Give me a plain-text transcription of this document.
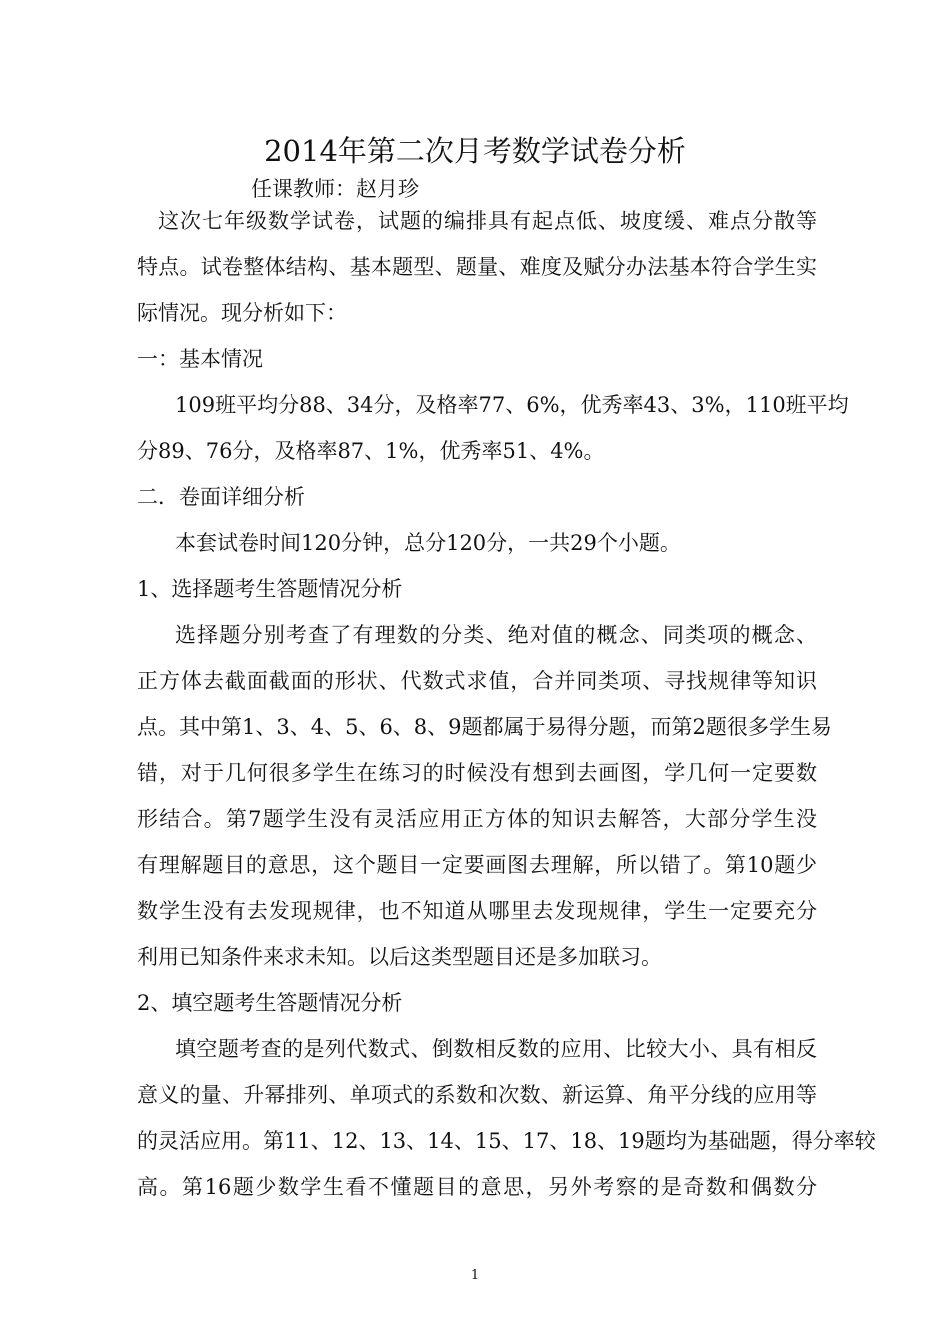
2014年第二次月考数学试卷分析
任课教师：赵月珍
这次七年级数学试卷，试题的编排具有起点低、坡度缓、难点分散等
特点。试卷整体结构、基本题型、题量、难度及赋分办法基本符合学生实
际情况。现分析如下：
一：基本情况
109班平均分88、34分，及格率77、6%，优秀率43、3%，110班平均
分89、76分，及格率87、1%，优秀率51、4%。
二．卷面详细分析
本套试卷时间120分钟，总分120分，一共29个小题。
1、选择题考生答题情况分析
选择题分别考查了有理数的分类、绝对值的概念、同类项的概念、
正方体去截面截面的形状、代数式求值，合并同类项、寻找规律等知识
点。其中第1、3、4、5、6、8、9题都属于易得分题，而第2题很多学生易
错，对于几何很多学生在练习的时候没有想到去画图，学几何一定要数
形结合。第7题学生没有灵活应用正方体的知识去解答，大部分学生没
有理解题目的意思，这个题目一定要画图去理解，所以错了。第10题少
数学生没有去发现规律，也不知道从哪里去发现规律，学生一定要充分
利用已知条件来求未知。以后这类型题目还是多加联习。
2、填空题考生答题情况分析
填空题考查的是列代数式、倒数相反数的应用、比较大小、具有相反
意义的量、升幂排列、单项式的系数和次数、新运算、角平分线的应用等
的灵活应用。第11、12、13、14、15、17、18、19题均为基础题，得分率较
高。第16题少数学生看不懂题目的意思，另外考察的是奇数和偶数分
1
